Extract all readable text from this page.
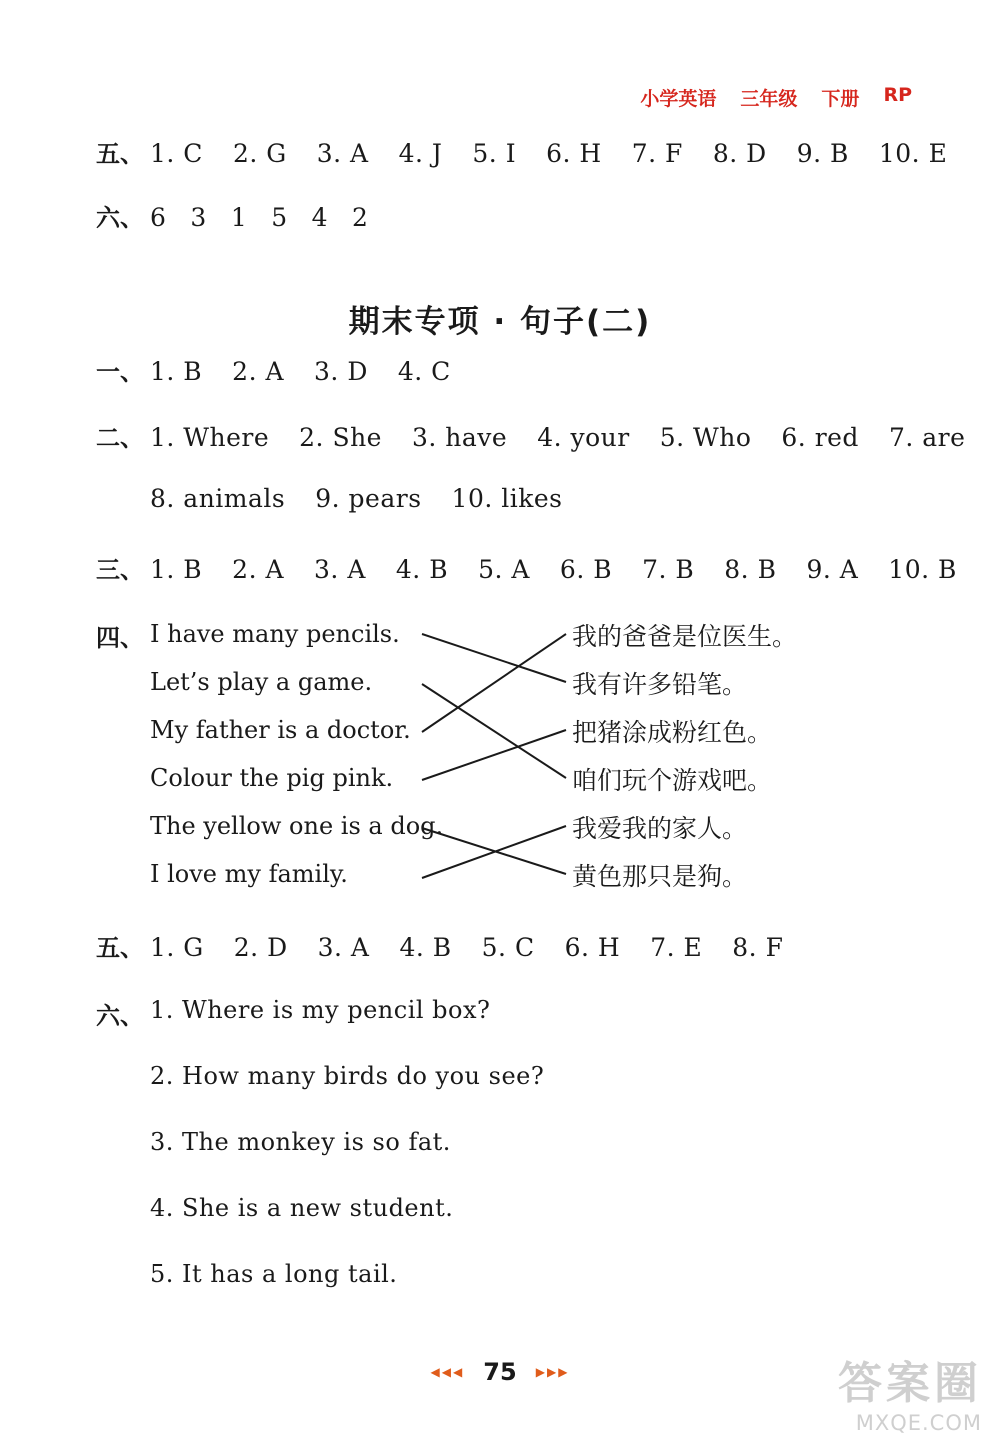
小学英语 三年级 下册 RP
五、 1. C 2. G 3. A 4. J 5. I 6. H 7. F 8. D 9. B 10. E
六、 6 3 1 5 4 2
期末专项 · 句子(二)
一、 1. B 2. A 3. D 4. C
二、 1. Where 2. She 3. have 4. your 5. Who 6. red 7. are
8. animals 9. pears 10. likes
三、 1. B 2. A 3. A 4. B 5. A 6. B 7. B 8. B 9. A 10. B
四、 I have many pencils.
Let’s play a game.
My father is a doctor.
Colour the pig pink.
The yellow one is a dog.
I love my family.
我的爸爸是位医生。
我有许多铅笔。
把猪涂成粉红色。
咱们玩个游戏吧。
我爱我的家人。
黄色那只是狗。
五、 1. G 2. D 3. A 4. B 5. C 6. H 7. E 8. F
六、 1. Where is my pencil box?
2. How many birds do you see?
3. The monkey is so fat.
4. She is a new student.
5. It has a long tail.
◀◀◀ 75 ▶▶▶	答案圈
MXQE.COM
